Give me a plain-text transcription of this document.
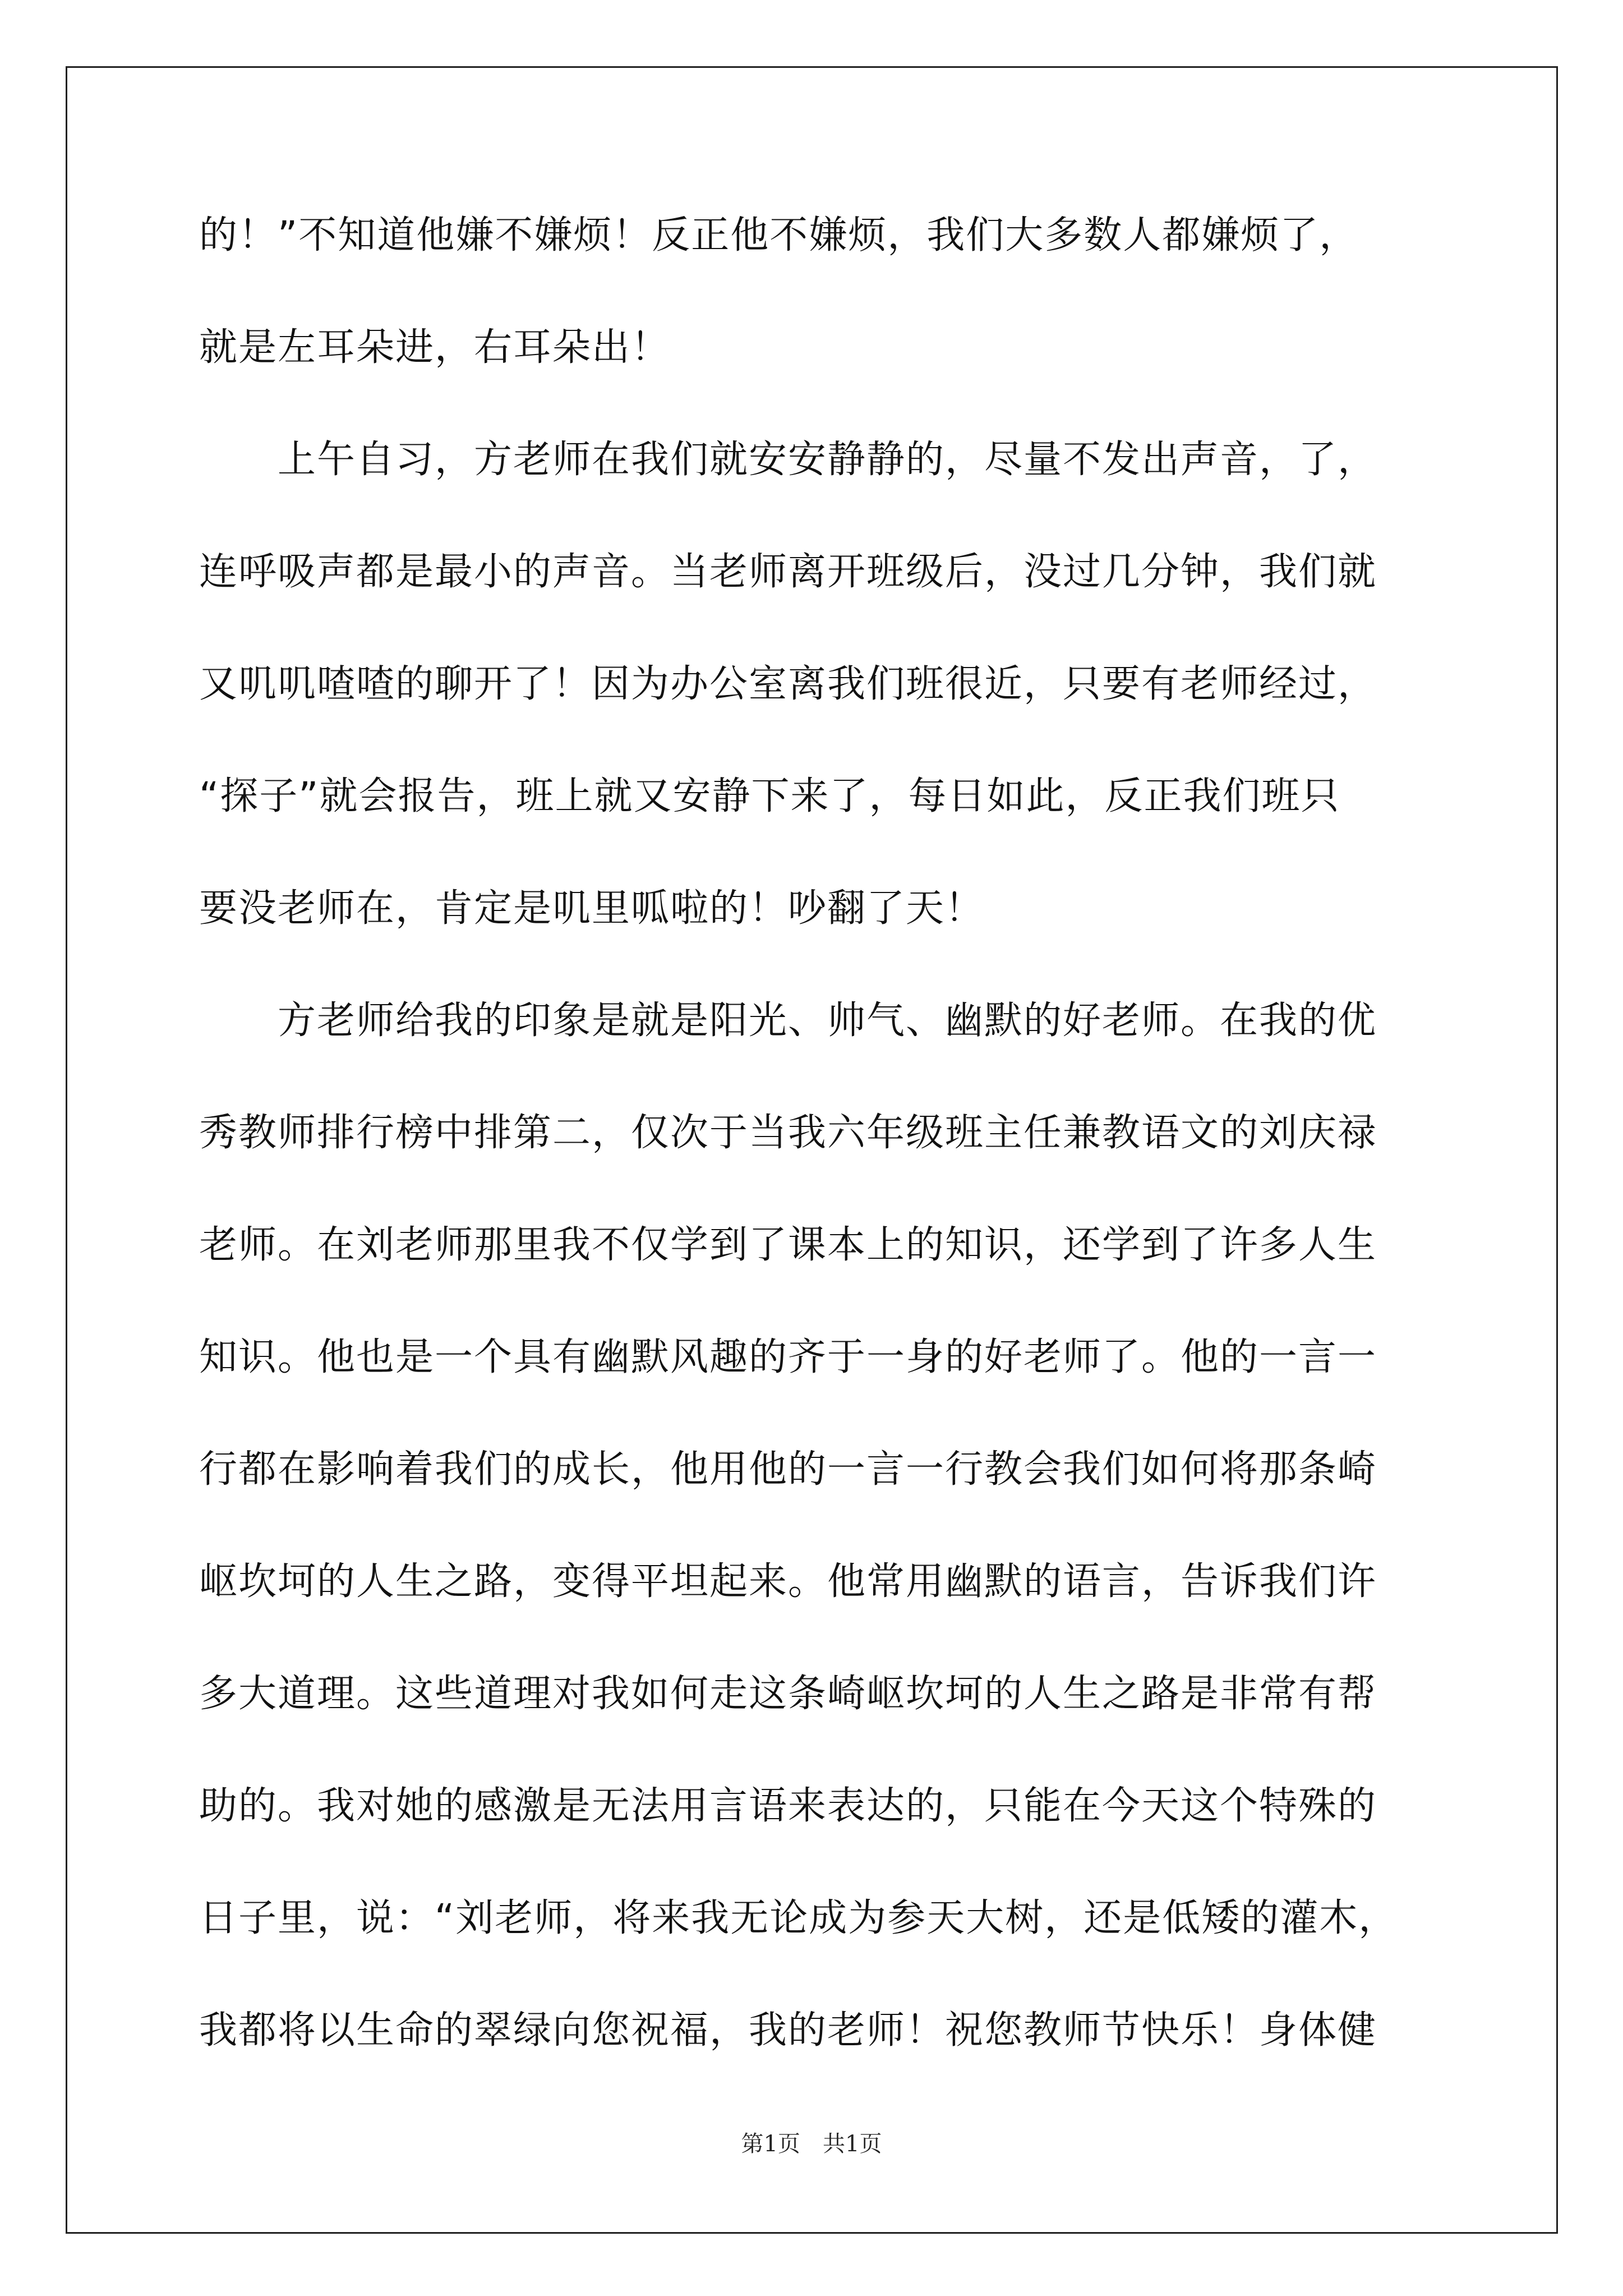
的！”不知道他嫌不嫌烦！反正他不嫌烦，我们大多数人都嫌烦了，
就是左耳朵进，右耳朵出！
　　上午自习，方老师在我们就安安静静的，尽量不发出声音，了，
连呼吸声都是最小的声音。当老师离开班级后，没过几分钟，我们就
又叽叽喳喳的聊开了！因为办公室离我们班很近，只要有老师经过，
“探子”就会报告，班上就又安静下来了，每日如此，反正我们班只
要没老师在，肯定是叽里呱啦的！吵翻了天！
　　方老师给我的印象是就是阳光、帅气、幽默的好老师。在我的优
秀教师排行榜中排第二，仅次于当我六年级班主任兼教语文的刘庆禄
老师。在刘老师那里我不仅学到了课本上的知识，还学到了许多人生
知识。他也是一个具有幽默风趣的齐于一身的好老师了。他的一言一
行都在影响着我们的成长，他用他的一言一行教会我们如何将那条崎
岖坎坷的人生之路，变得平坦起来。他常用幽默的语言，告诉我们许
多大道理。这些道理对我如何走这条崎岖坎坷的人生之路是非常有帮
助的。我对她的感激是无法用言语来表达的，只能在今天这个特殊的
日子里，说：“刘老师，将来我无论成为参天大树，还是低矮的灌木，
我都将以生命的翠绿向您祝福，我的老师！祝您教师节快乐！身体健
第1页　共1页
